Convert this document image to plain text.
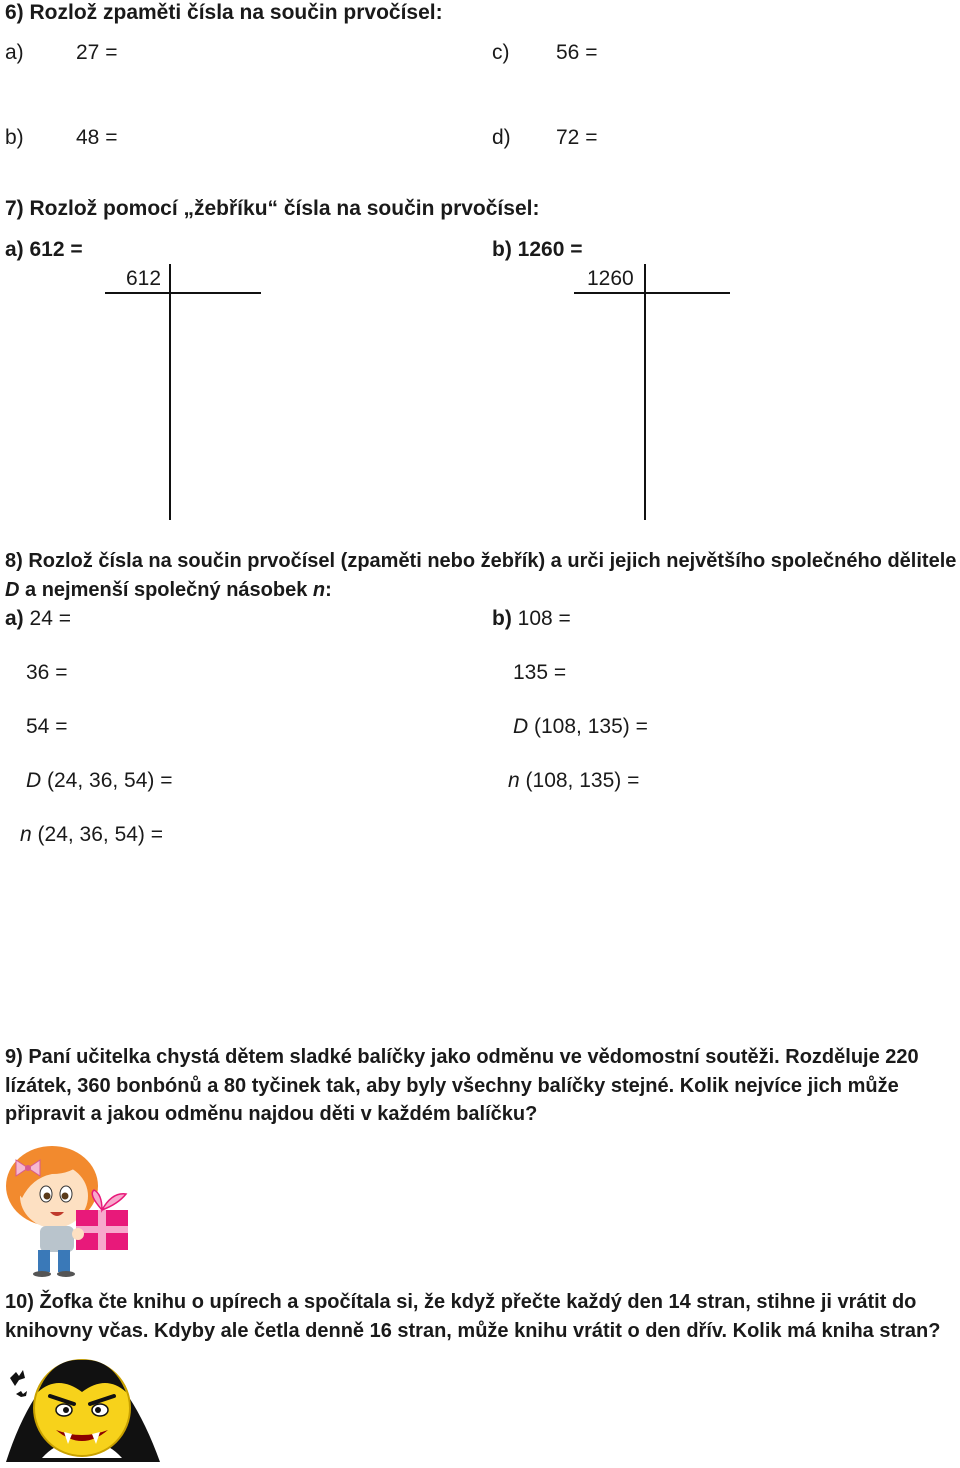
6) Rozlož zpaměti čísla na součin prvočísel:
a) 27 =	c) 56 =
b) 48 =	d) 72 =
7) Rozlož pomocí „žebříku“ čísla na součin prvočísel:
a) 612 =	b) 1260 =
612	1260
8) Rozlož čísla na součin prvočísel (zpaměti nebo žebřík) a urči jejich největšího společného dělitele
D a nejmenší společný násobek n:
a) 24 =	b) 108 =
36 =	135 =
54 =	D (108, 135) =
D (24, 36, 54) =	n (108, 135) =
n (24, 36, 54) =
9) Paní učitelka chystá dětem sladké balíčky jako odměnu ve vědomostní soutěži. Rozděluje 220
lízátek, 360 bonbónů a 80 tyčinek tak, aby byly všechny balíčky stejné. Kolik nejvíce jich může
připravit a jakou odměnu najdou děti v každém balíčku?
10) Žofka čte knihu o upírech a spočítala si, že když přečte každý den 14 stran, stihne ji vrátit do
knihovny včas. Kdyby ale četla denně 16 stran, může knihu vrátit o den dřív. Kolik má kniha stran?
